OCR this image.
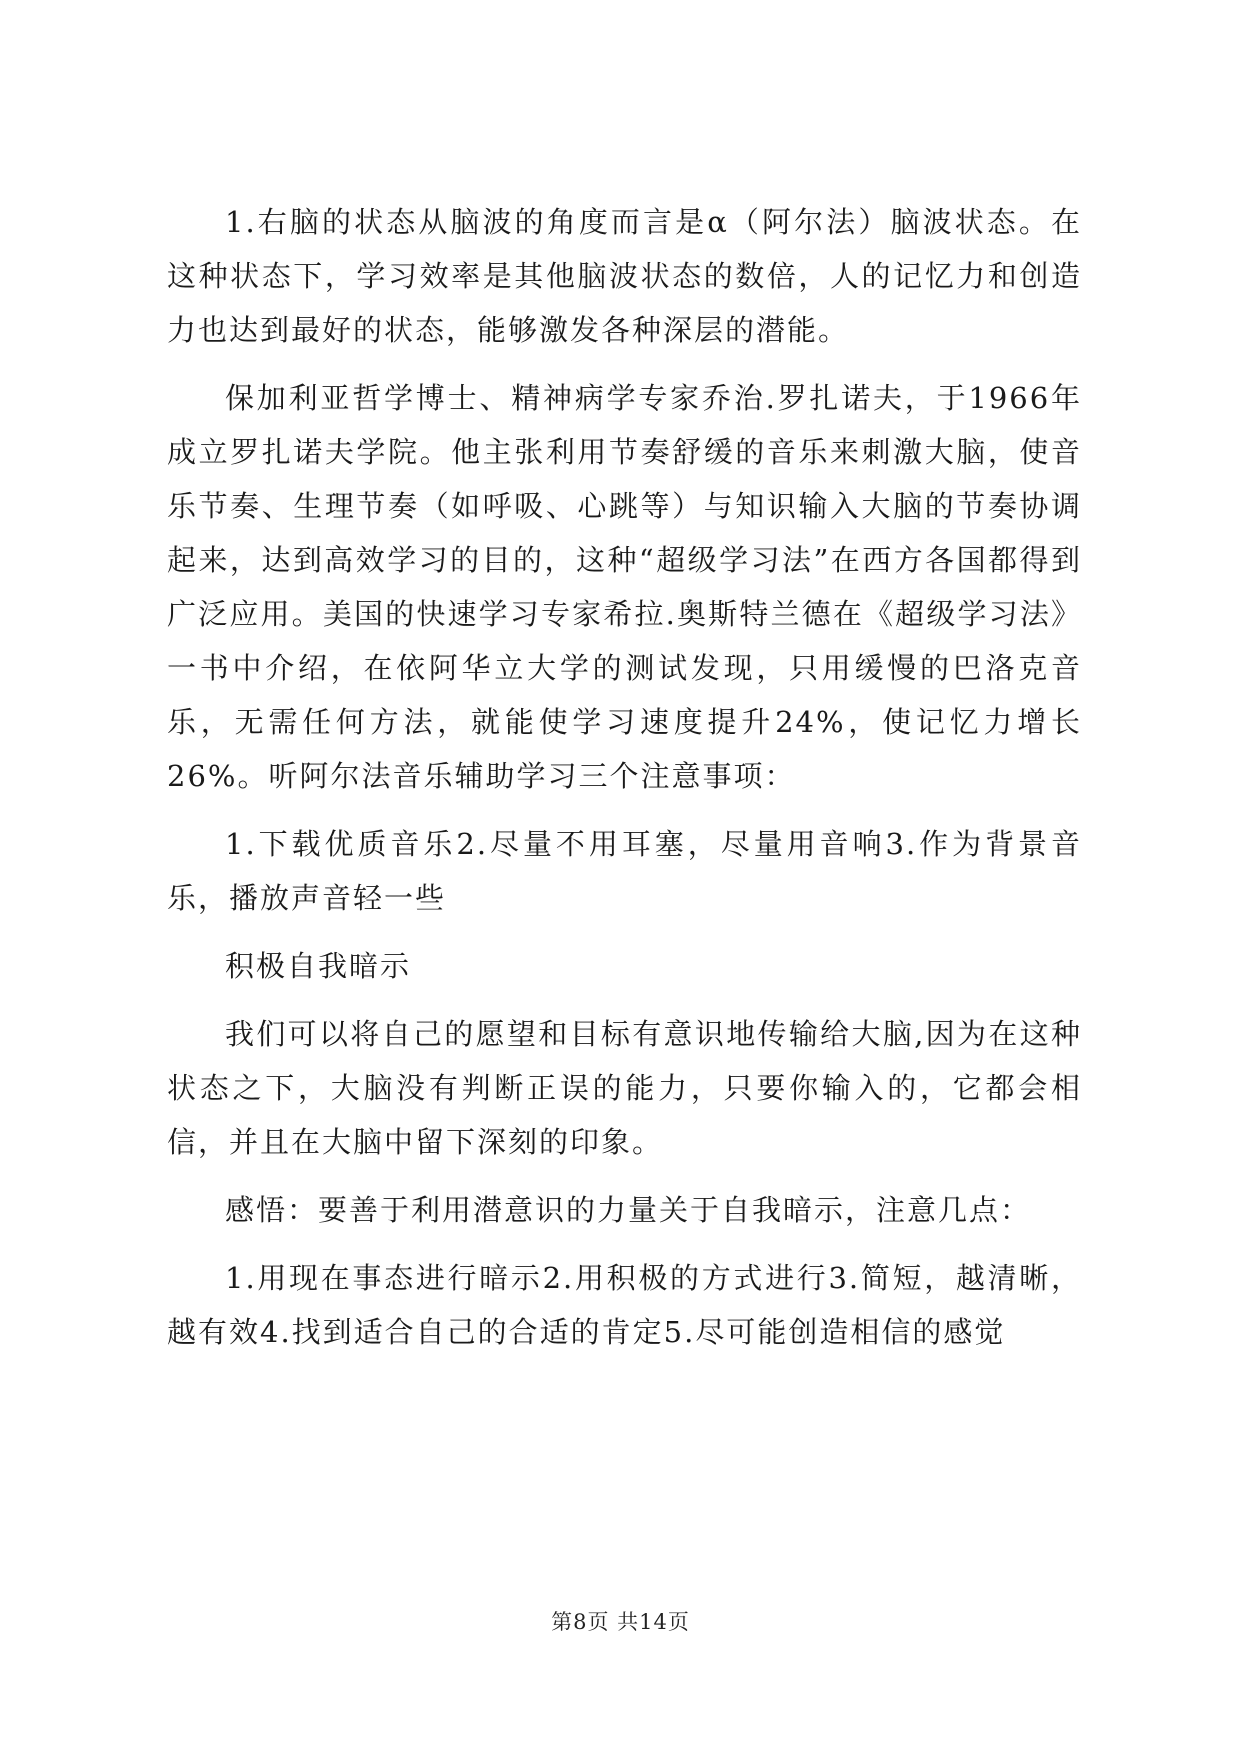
1.右脑的状态从脑波的角度而言是α（阿尔法）脑波状态。在这种状态下，学习效率是其他脑波状态的数倍，人的记忆力和创造力也达到最好的状态，能够激发各种深层的潜能。

保加利亚哲学博士、精神病学专家乔治.罗扎诺夫，于1966年成立罗扎诺夫学院。他主张利用节奏舒缓的音乐来刺激大脑，使音乐节奏、生理节奏（如呼吸、心跳等）与知识输入大脑的节奏协调起来，达到高效学习的目的，这种“超级学习法”在西方各国都得到广泛应用。美国的快速学习专家希拉.奥斯特兰德在《超级学习法》一书中介绍，在依阿华立大学的测试发现，只用缓慢的巴洛克音乐，无需任何方法，就能使学习速度提升24%，使记忆力增长26%。听阿尔法音乐辅助学习三个注意事项：

1.下载优质音乐2.尽量不用耳塞，尽量用音响3.作为背景音乐，播放声音轻一些

积极自我暗示

我们可以将自己的愿望和目标有意识地传输给大脑,因为在这种状态之下，大脑没有判断正误的能力，只要你输入的，它都会相信，并且在大脑中留下深刻的印象。

感悟：要善于利用潜意识的力量关于自我暗示，注意几点：

1.用现在事态进行暗示2.用积极的方式进行3.简短，越清晰，越有效4.找到适合自己的合适的肯定5.尽可能创造相信的感觉

第8页 共14页
